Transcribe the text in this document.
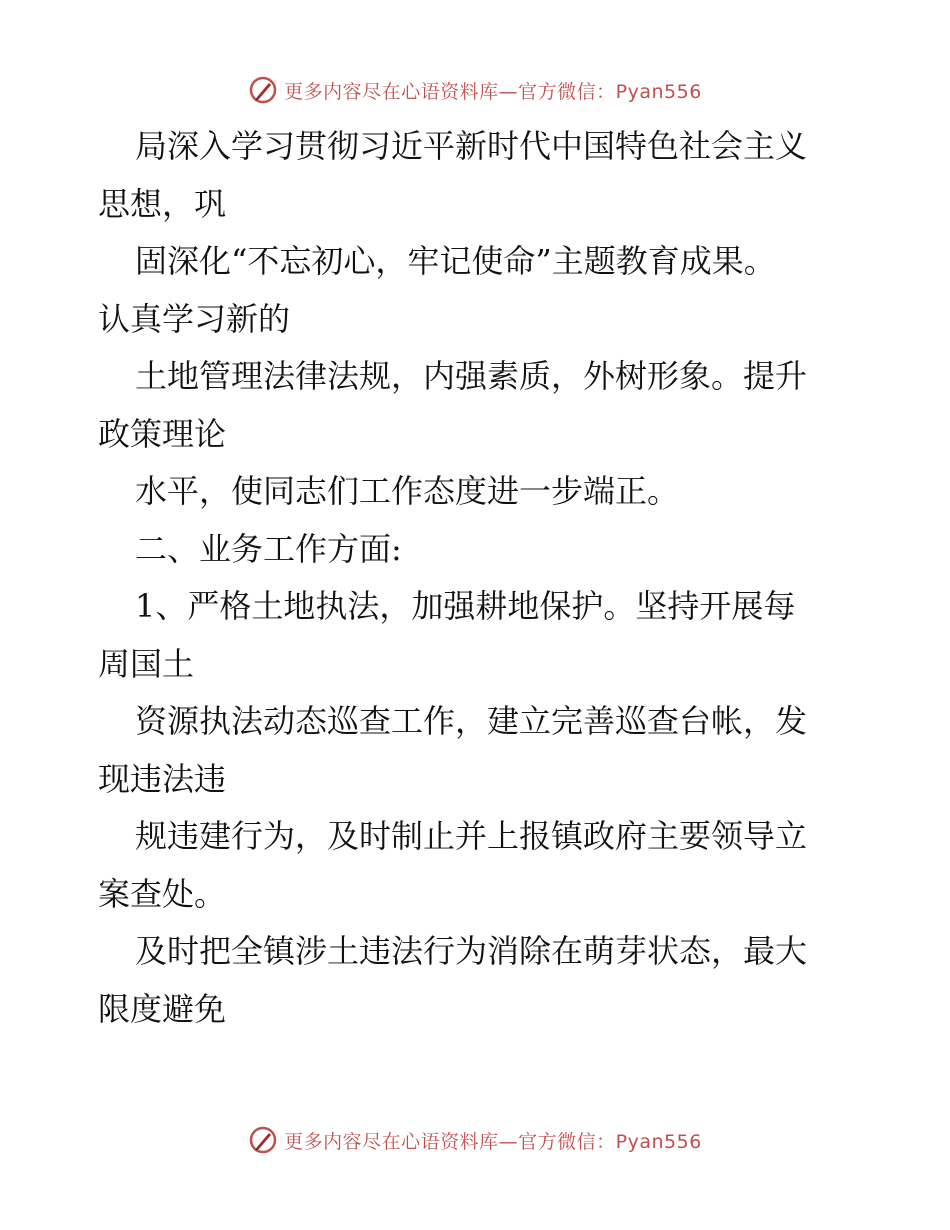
更多内容尽在心语资料库—官方微信：Pyan556

局深入学习贯彻习近平新时代中国特色社会主义

思想，巩

固深化“不忘初心，牢记使命”主题教育成果。

认真学习新的

土地管理法律法规，内强素质，外树形象。提升

政策理论

水平，使同志们工作态度进一步端正。

二、业务工作方面:

1、严格土地执法，加强耕地保护。坚持开展每

周国土

资源执法动态巡查工作，建立完善巡查台帐，发

现违法违

规违建行为，及时制止并上报镇政府主要领导立

案查处。

及时把全镇涉土违法行为消除在萌芽状态，最大

限度避免

更多内容尽在心语资料库—官方微信：Pyan556
